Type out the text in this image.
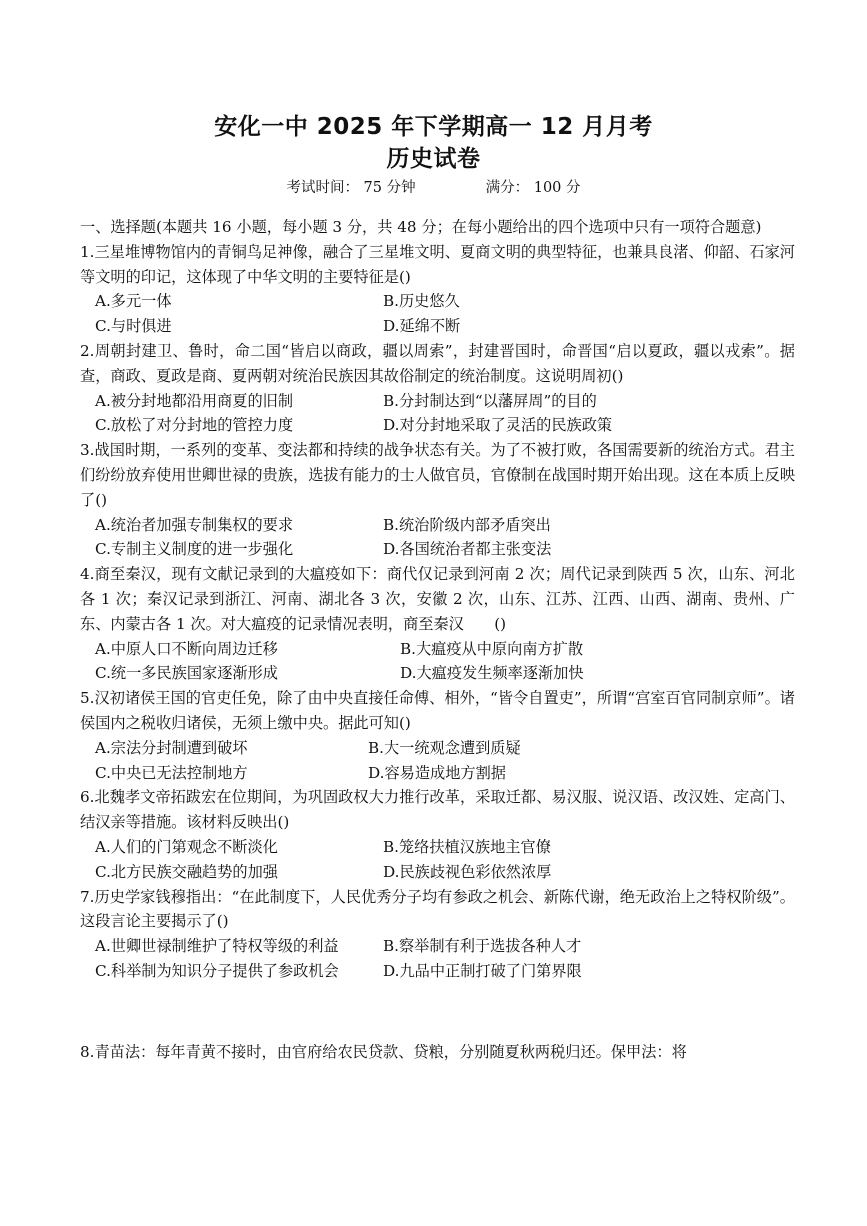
安化一中 2025 年下学期高一 12 月月考
历史试卷
考试时间： 75 分钟	满分： 100 分

一、选择题(本题共 16 小题，每小题 3 分，共 48 分；在每小题给出的四个选项中只有一项符合题意)

1.三星堆博物馆内的青铜鸟足神像，融合了三星堆文明、夏商文明的典型特征，也兼具良渚、仰韶、石家河等文明的印记，这体现了中华文明的主要特征是()

A.多元一体	B.历史悠久
C.与时俱进	D.延绵不断

2.周朝封建卫、鲁时，命二国“皆启以商政，疆以周索”，封建晋国时，命晋国“启以夏政，疆以戎索”。据查，商政、夏政是商、夏两朝对统治民族因其故俗制定的统治制度。这说明周初()

A.被分封地都沿用商夏的旧制	B.分封制达到“以藩屏周”的目的
C.放松了对分封地的管控力度	D.对分封地采取了灵活的民族政策

3.战国时期，一系列的变革、变法都和持续的战争状态有关。为了不被打败，各国需要新的统治方式。君主们纷纷放弃使用世卿世禄的贵族，选拔有能力的士人做官员，官僚制在战国时期开始出现。这在本质上反映了()

A.统治者加强专制集权的要求	B.统治阶级内部矛盾突出
C.专制主义制度的进一步强化	D.各国统治者都主张变法

4.商至秦汉，现有文献记录到的大瘟疫如下：商代仅记录到河南 2 次；周代记录到陕西 5 次，山东、河北各 1 次；秦汉记录到浙江、河南、湖北各 3 次，安徽 2 次，山东、江苏、江西、山西、湖南、贵州、广东、内蒙古各 1 次。对大瘟疫的记录情况表明，商至秦汉　　()

A.中原人口不断向周边迁移	B.大瘟疫从中原向南方扩散
C.统一多民族国家逐渐形成	D.大瘟疫发生频率逐渐加快

5.汉初诸侯王国的官吏任免，除了由中央直接任命傅、相外，“皆令自置吏”，所谓“宫室百官同制京师”。诸侯国内之税收归诸侯，无须上缴中央。据此可知()

A.宗法分封制遭到破坏	B.大一统观念遭到质疑
C.中央已无法控制地方	D.容易造成地方割据

6.北魏孝文帝拓跋宏在位期间，为巩固政权大力推行改革，采取迁都、易汉服、说汉语、改汉姓、定高门、结汉亲等措施。该材料反映出()

A.人们的门第观念不断淡化	B.笼络扶植汉族地主官僚
C.北方民族交融趋势的加强	D.民族歧视色彩依然浓厚

7.历史学家钱穆指出：“在此制度下，人民优秀分子均有参政之机会、新陈代谢，绝无政治上之特权阶级”。这段言论主要揭示了()

A.世卿世禄制维护了特权等级的利益	B.察举制有利于选拔各种人才
C.科举制为知识分子提供了参政机会	D.九品中正制打破了门第界限

8.青苗法：每年青黄不接时，由官府给农民贷款、贷粮，分别随夏秋两税归还。保甲法：将
